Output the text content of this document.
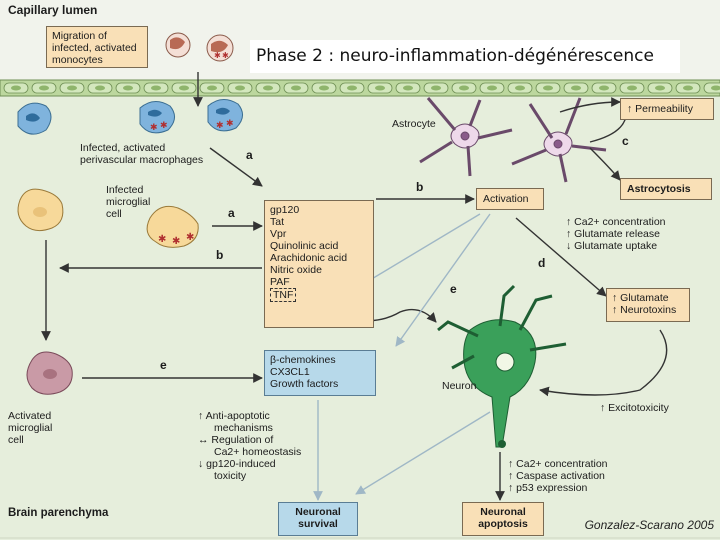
✱ ✱
✱ ✱	✱ ✱
✱ ✱ ✱
Phase 2 : neuro-inflammation-dégénérescence
Capillary lumen
Brain parenchyma
Migration of
infected, activated
monocytes
Infected, activated
perivascular macrophages
Infected
microglial
cell	gp120
Tat
Vpr
Quinolinic acid
Arachidonic acid
Nitric oxide
PAF
TNF
Activation
Astrocyte
↑ Permeability
Astrocytosis
↑ Ca2+ concentration
↑ Glutamate release
↓ Glutamate uptake
↑ Glutamate
↑ Neurotoxins
Activated
microglial
cell
β-chemokines
CX3CL1
Growth factors	Neuron
↑ Excitotoxicity
↑ Anti-apoptotic
mechanisms
↔ Regulation of
Ca2+ homeostasis
↓ gp120-induced
toxicity
↑ Ca2+ concentration
↑ Caspase activation
↑ p53 expression
Neuronal
survival
Neuronal
apoptosis
a
a
b
b
c
d
e
e
Gonzalez-Scarano 2005
